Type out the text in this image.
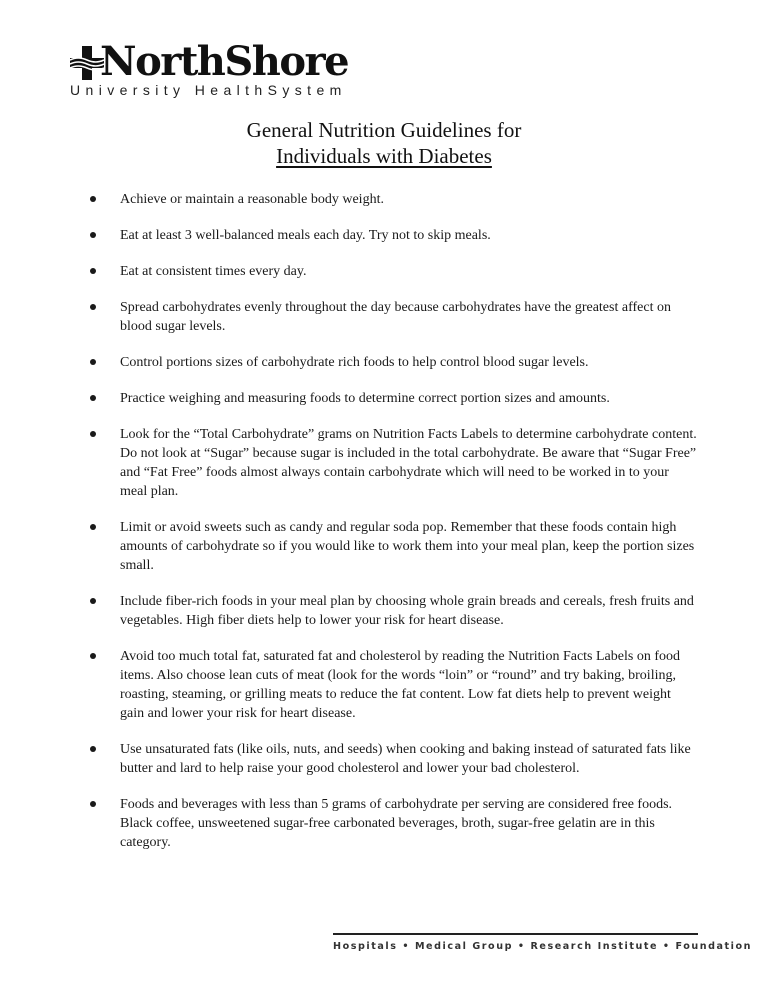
NorthShore
University HealthSystem
General Nutrition Guidelines for
Individuals with Diabetes
Achieve or maintain a reasonable body weight.
Eat at least 3 well-balanced meals each day. Try not to skip meals.
Eat at consistent times every day.
Spread carbohydrates evenly throughout the day because carbohydrates have the greatest affect on blood sugar levels.
Control portions sizes of carbohydrate rich foods to help control blood sugar levels.
Practice weighing and measuring foods to determine correct portion sizes and amounts.
Look for the “Total Carbohydrate” grams on Nutrition Facts Labels to determine carbohydrate content. Do not look at “Sugar” because sugar is included in the total carbohydrate. Be aware that “Sugar Free” and “Fat Free” foods almost always contain carbohydrate which will need to be worked in to your meal plan.
Limit or avoid sweets such as candy and regular soda pop. Remember that these foods contain high amounts of carbohydrate so if you would like to work them into your meal plan, keep the portion sizes small.
Include fiber-rich foods in your meal plan by choosing whole grain breads and cereals, fresh fruits and vegetables. High fiber diets help to lower your risk for heart disease.
Avoid too much total fat, saturated fat and cholesterol by reading the Nutrition Facts Labels on food items. Also choose lean cuts of meat (look for the words “loin” or “round” and try baking, broiling, roasting, steaming, or grilling meats to reduce the fat content. Low fat diets help to prevent weight gain and lower your risk for heart disease.
Use unsaturated fats (like oils, nuts, and seeds) when cooking and baking instead of saturated fats like butter and lard to help raise your good cholesterol and lower your bad cholesterol.
Foods and beverages with less than 5 grams of carbohydrate per serving are considered free foods. Black coffee, unsweetened sugar-free carbonated beverages, broth, sugar-free gelatin are in this category.
Hospitals • Medical Group • Research Institute • Foundation
